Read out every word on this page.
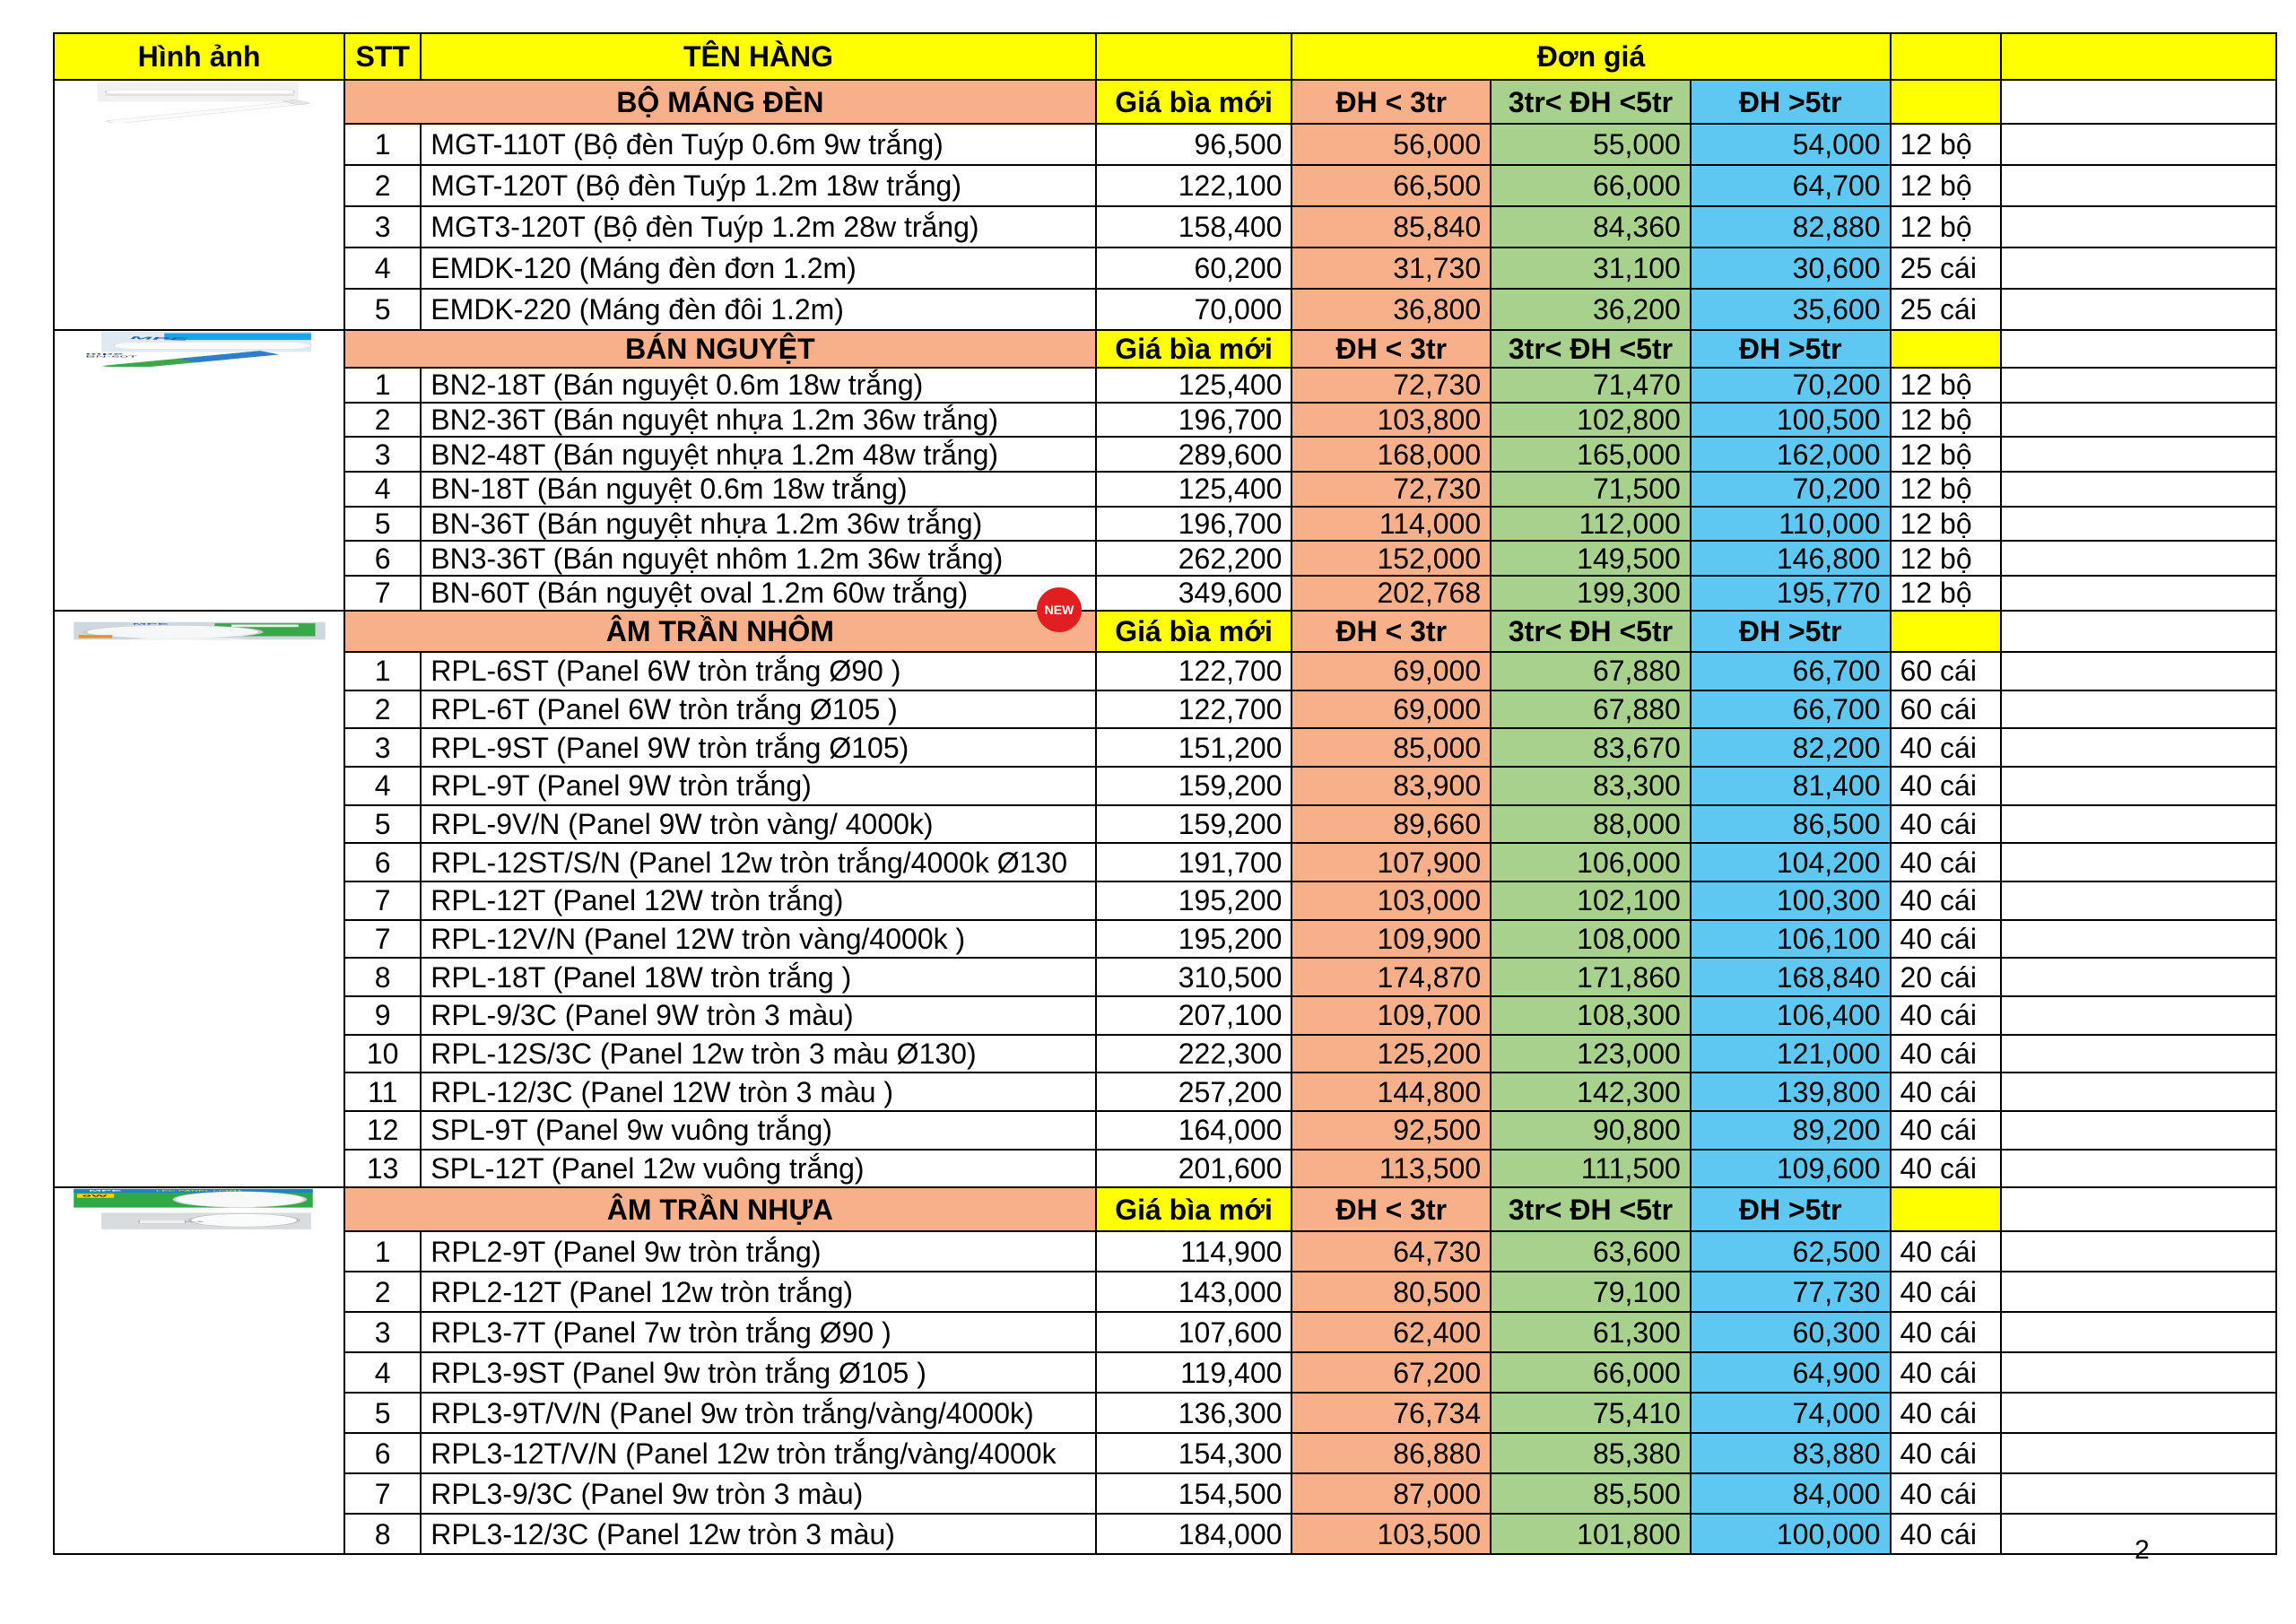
Hình ảnh	STT	TÊN HÀNG		Đơn giá				
	BỘ MÁNG ĐÈN		Giá bìa mới	ĐH < 3tr	3tr< ĐH <5tr	ĐH >5tr		
	1	MGT-110T (Bộ đèn Tuýp 0.6m 9w trắng)	96,500	56,000	55,000	54,000	12 bộ	
	2	MGT-120T (Bộ đèn Tuýp 1.2m 18w trắng)	122,100	66,500	66,000	64,700	12 bộ	
	3	MGT3-120T (Bộ đèn Tuýp 1.2m 28w trắng)	158,400	85,840	84,360	82,880	12 bộ	
	4	EMDK-120 (Máng đèn đơn 1.2m)	60,200	31,730	31,100	30,600	25 cái	
	5	EMDK-220 (Máng đèn đôi 1.2m)	70,000	36,800	36,200	35,600	25 cái	

MPE
mpe
BN-60T	BÁN NGUYỆT		Giá bìa mới	ĐH < 3tr	3tr< ĐH <5tr	ĐH >5tr		
	1	BN2-18T (Bán nguyệt 0.6m 18w trắng)	125,400	72,730	71,470	70,200	12 bộ	
	2	BN2-36T (Bán nguyệt nhựa 1.2m 36w trắng)	196,700	103,800	102,800	100,500	12 bộ	
	3	BN2-48T (Bán nguyệt nhựa 1.2m 48w trắng)	289,600	168,000	165,000	162,000	12 bộ	
	4	BN-18T (Bán nguyệt 0.6m 18w trắng)	125,400	72,730	71,500	70,200	12 bộ	
	5	BN-36T (Bán nguyệt nhựa 1.2m 36w trắng)	196,700	114,000	112,000	110,000	12 bộ	
	6	BN3-36T (Bán nguyệt nhôm 1.2m 36w trắng)	262,200	152,000	149,500	146,800	12 bộ	
	7	BN-60T (Bán nguyệt oval 1.2m 60w trắng)	349,600	202,768	199,300	195,770	12 bộ	

MPE	ÂM TRẦN NHÔM		Giá bìa mới	ĐH < 3tr	3tr< ĐH <5tr	ĐH >5tr		
	1	RPL-6ST (Panel 6W tròn trắng Ø90 )	122,700	69,000	67,880	66,700	60 cái	
	2	RPL-6T (Panel 6W tròn trắng Ø105 )	122,700	69,000	67,880	66,700	60 cái	
	3	RPL-9ST (Panel 9W tròn trắng Ø105)	151,200	85,000	83,670	82,200	40 cái	
	4	RPL-9T (Panel 9W tròn trắng)	159,200	83,900	83,300	81,400	40 cái	
	5	RPL-9V/N (Panel 9W tròn vàng/ 4000k)	159,200	89,660	88,000	86,500	40 cái	
	6	RPL-12ST/S/N (Panel 12w tròn trắng/4000k Ø130	191,700	107,900	106,000	104,200	40 cái	
	7	RPL-12T (Panel 12W tròn trắng)	195,200	103,000	102,100	100,300	40 cái	
	7	RPL-12V/N (Panel 12W tròn vàng/4000k )	195,200	109,900	108,000	106,100	40 cái	
	8	RPL-18T (Panel 18W tròn trắng )	310,500	174,870	171,860	168,840	20 cái	
	9	RPL-9/3C (Panel 9W tròn 3 màu)	207,100	109,700	108,300	106,400	40 cái	
	10	RPL-12S/3C (Panel 12w tròn 3 màu Ø130)	222,300	125,200	123,000	121,000	40 cái	
	11	RPL-12/3C (Panel 12W tròn 3 màu )	257,200	144,800	142,300	139,800	40 cái	
	12	SPL-9T (Panel 9w vuông trắng)	164,000	92,500	90,800	89,200	40 cái	
	13	SPL-12T (Panel 12w vuông trắng)	201,600	113,500	111,500	109,600	40 cái	

MPE LED PANEL LIGHT
9W	ÂM TRẦN NHỰA		Giá bìa mới	ĐH < 3tr	3tr< ĐH <5tr	ĐH >5tr		
	1	RPL2-9T (Panel 9w tròn trắng)	114,900	64,730	63,600	62,500	40 cái	
	2	RPL2-12T (Panel 12w tròn trắng)	143,000	80,500	79,100	77,730	40 cái	
	3	RPL3-7T (Panel 7w tròn trắng Ø90 )	107,600	62,400	61,300	60,300	40 cái	
	4	RPL3-9ST (Panel 9w tròn trắng Ø105 )	119,400	67,200	66,000	64,900	40 cái	
	5	RPL3-9T/V/N (Panel 9w tròn trắng/vàng/4000k)	136,300	76,734	75,410	74,000	40 cái	
	6	RPL3-12T/V/N (Panel 12w tròn trắng/vàng/4000k	154,300	86,880	85,380	83,880	40 cái	
	7	RPL3-9/3C (Panel 9w tròn 3 màu)	154,500	87,000	85,500	84,000	40 cái	
	8	RPL3-12/3C (Panel 12w tròn 3 màu)	184,000	103,500	101,800	100,000	40 cái	
NEW
2
